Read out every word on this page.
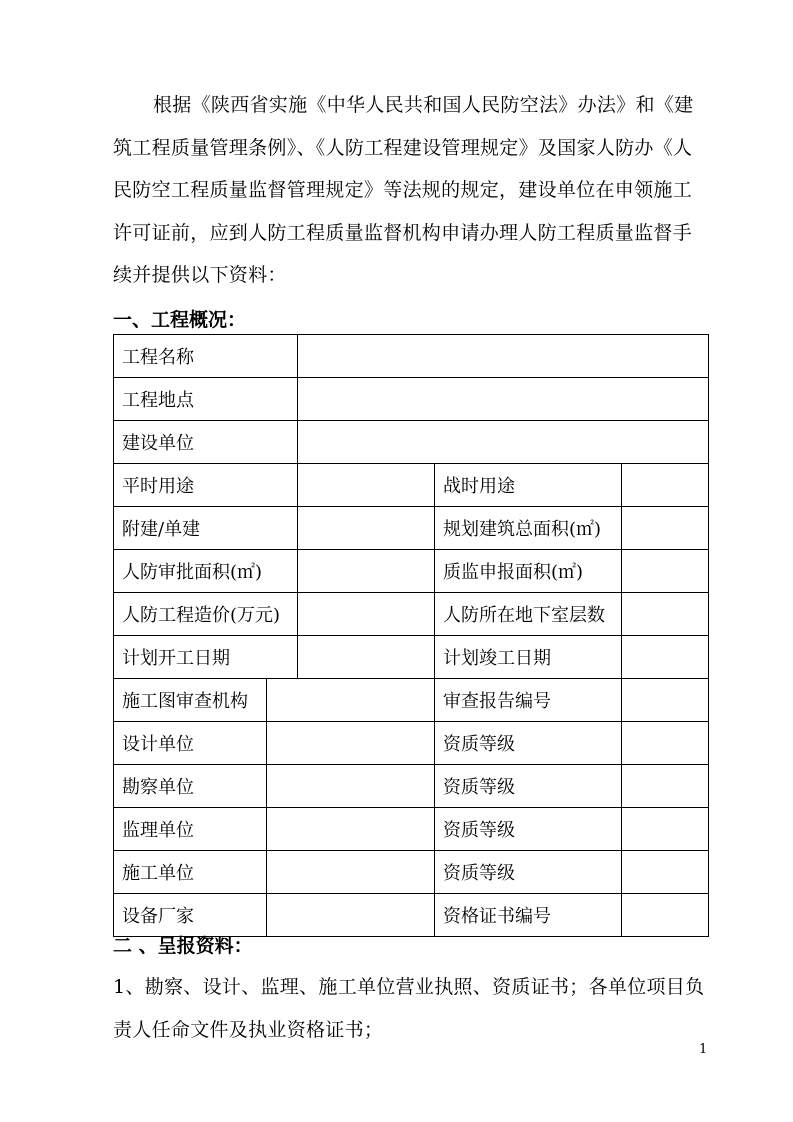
根据《陕西省实施《中华人民共和国人民防空法》办法》和《建筑工程质量管理条例》、《人防工程建设管理规定》及国家人防办《人民防空工程质量监督管理规定》等法规的规定，建设单位在申领施工许可证前，应到人防工程质量监督机构申请办理人防工程质量监督手续并提供以下资料：

一、工程概况：
工程名称				
工程地点				
建设单位				
平时用途			战时用途	
附建/单建			规划建筑总面积(㎡)	
人防审批面积(㎡)			质监申报面积(㎡)	
人防工程造价(万元)			人防所在地下室层数	
计划开工日期			计划竣工日期	
施工图审查机构			审查报告编号	
设计单位			资质等级	
勘察单位			资质等级	
监理单位			资质等级	
施工单位			资质等级	
设备厂家			资格证书编号	
二 、呈报资料：

1、勘察、设计、监理、施工单位营业执照、资质证书；各单位项目负责人任命文件及执业资格证书；

1
